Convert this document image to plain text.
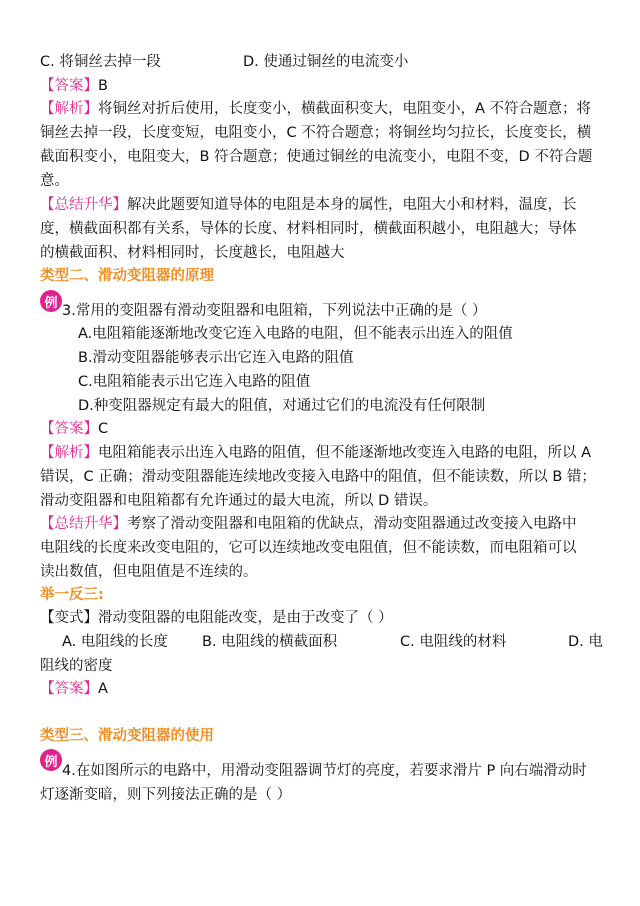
C. 将铜丝去掉一段	D. 使通过铜丝的电流变小
【答案】B
【解析】将铜丝对折后使用，长度变小，横截面积变大，电阻变小，A 不符合题意；将
铜丝去掉一段，长度变短，电阻变小，C 不符合题意；将铜丝均匀拉长，长度变长，横
截面积变小，电阻变大，B 符合题意；使通过铜丝的电流变小，电阻不变，D 不符合题
意。
【总结升华】解决此题要知道导体的电阻是本身的属性，电阻大小和材料，温度，长
度，横截面积都有关系，导体的长度、材料相同时，横截面积越小，电阻越大；导体
的横截面积、材料相同时，长度越长，电阻越大
类型二、滑动变阻器的原理
例 3.常用的变阻器有滑动变阻器和电阻箱，下列说法中正确的是（ ）
A.电阻箱能逐渐地改变它连入电路的电阻，但不能表示出连入的阻值
B.滑动变阻器能够表示出它连入电路的阻值
C.电阻箱能表示出它连入电路的阻值
D.种变阻器规定有最大的阻值，对通过它们的电流没有任何限制
【答案】C
【解析】电阻箱能表示出连入电路的阻值，但不能逐渐地改变连入电路的电阻，所以 A
错误，C 正确；滑动变阻器能连续地改变接入电路中的阻值，但不能读数，所以 B 错；
滑动变阻器和电阻箱都有允许通过的最大电流，所以 D 错误。
【总结升华】考察了滑动变阻器和电阻箱的优缺点，滑动变阻器通过改变接入电路中
电阻线的长度来改变电阻的，它可以连续地改变电阻值，但不能读数，而电阻箱可以
读出数值，但电阻值是不连续的。
举一反三:
【变式】滑动变阻器的电阻能改变，是由于改变了（ ）
A. 电阻线的长度 B. 电阻线的横截面积	C. 电阻线的材料	D. 电
阻线的密度
【答案】A
类型三、滑动变阻器的使用
例
4.在如图所示的电路中，用滑动变阻器调节灯的亮度，若要求滑片 P 向右端滑动时
灯逐渐变暗，则下列接法正确的是（ ）
